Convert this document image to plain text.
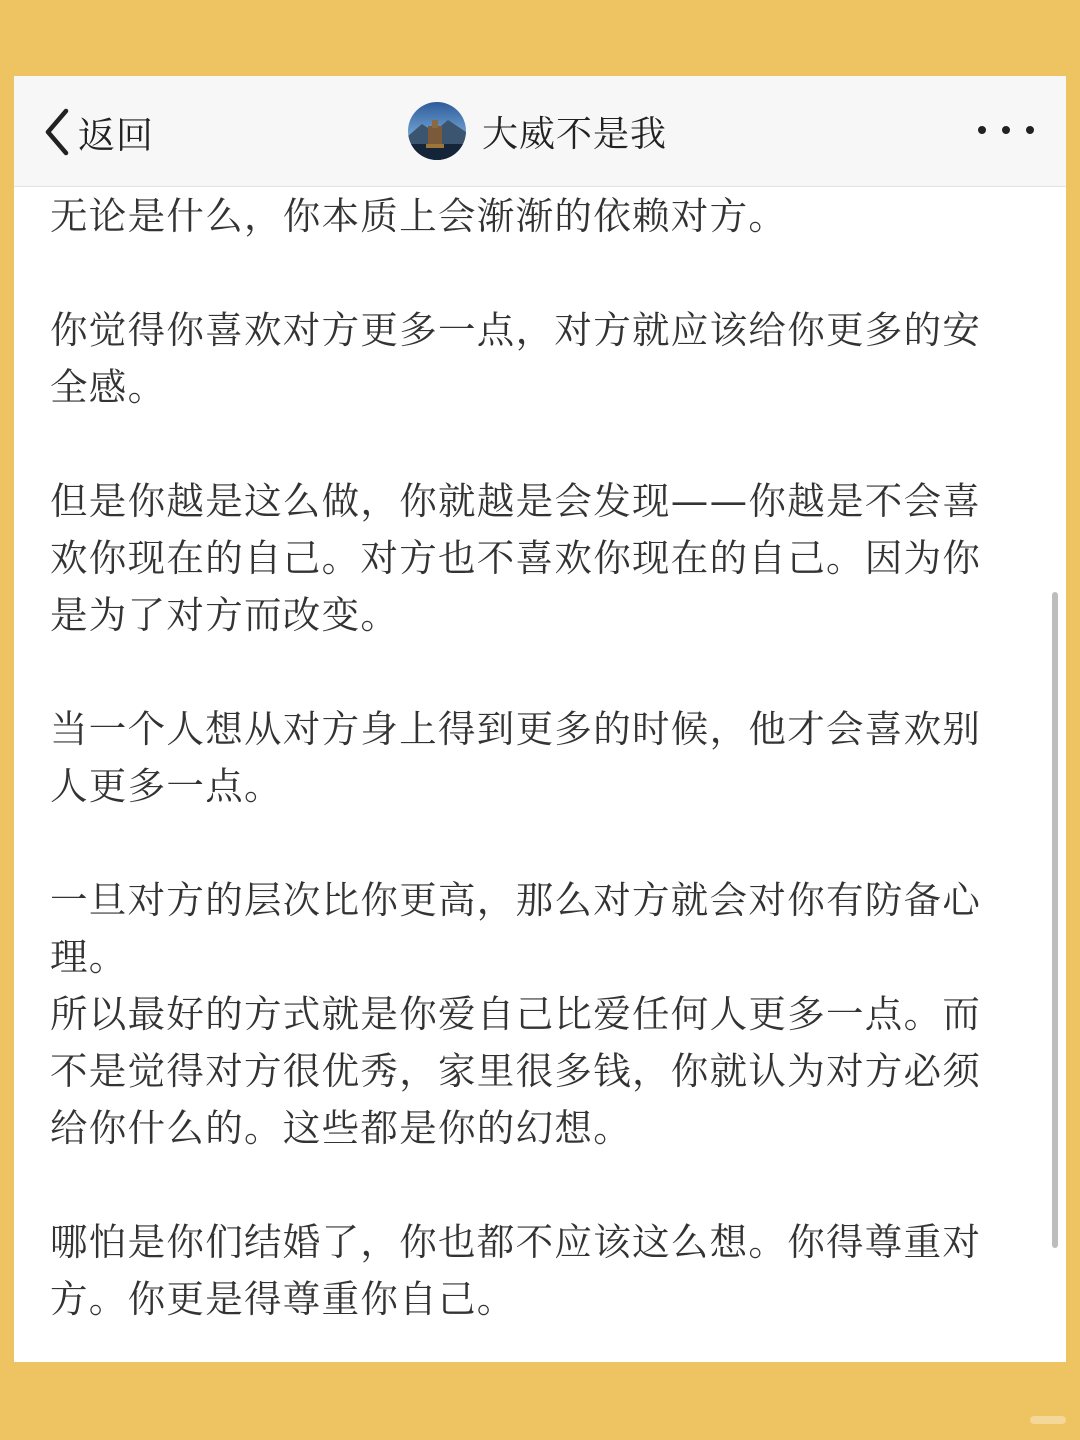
返回	大威不是我
无论是什么，你本质上会渐渐的依赖对方。
你觉得你喜欢对方更多一点，对方就应该给你更多的安
全感。
但是你越是这么做，你就越是会发现——你越是不会喜
欢你现在的自己。对方也不喜欢你现在的自己。因为你
是为了对方而改变。
当一个人想从对方身上得到更多的时候，他才会喜欢别
人更多一点。
一旦对方的层次比你更高，那么对方就会对你有防备心
理。
所以最好的方式就是你爱自己比爱任何人更多一点。而
不是觉得对方很优秀，家里很多钱，你就认为对方必须
给你什么的。这些都是你的幻想。
哪怕是你们结婚了，你也都不应该这么想。你得尊重对
方。你更是得尊重你自己。
